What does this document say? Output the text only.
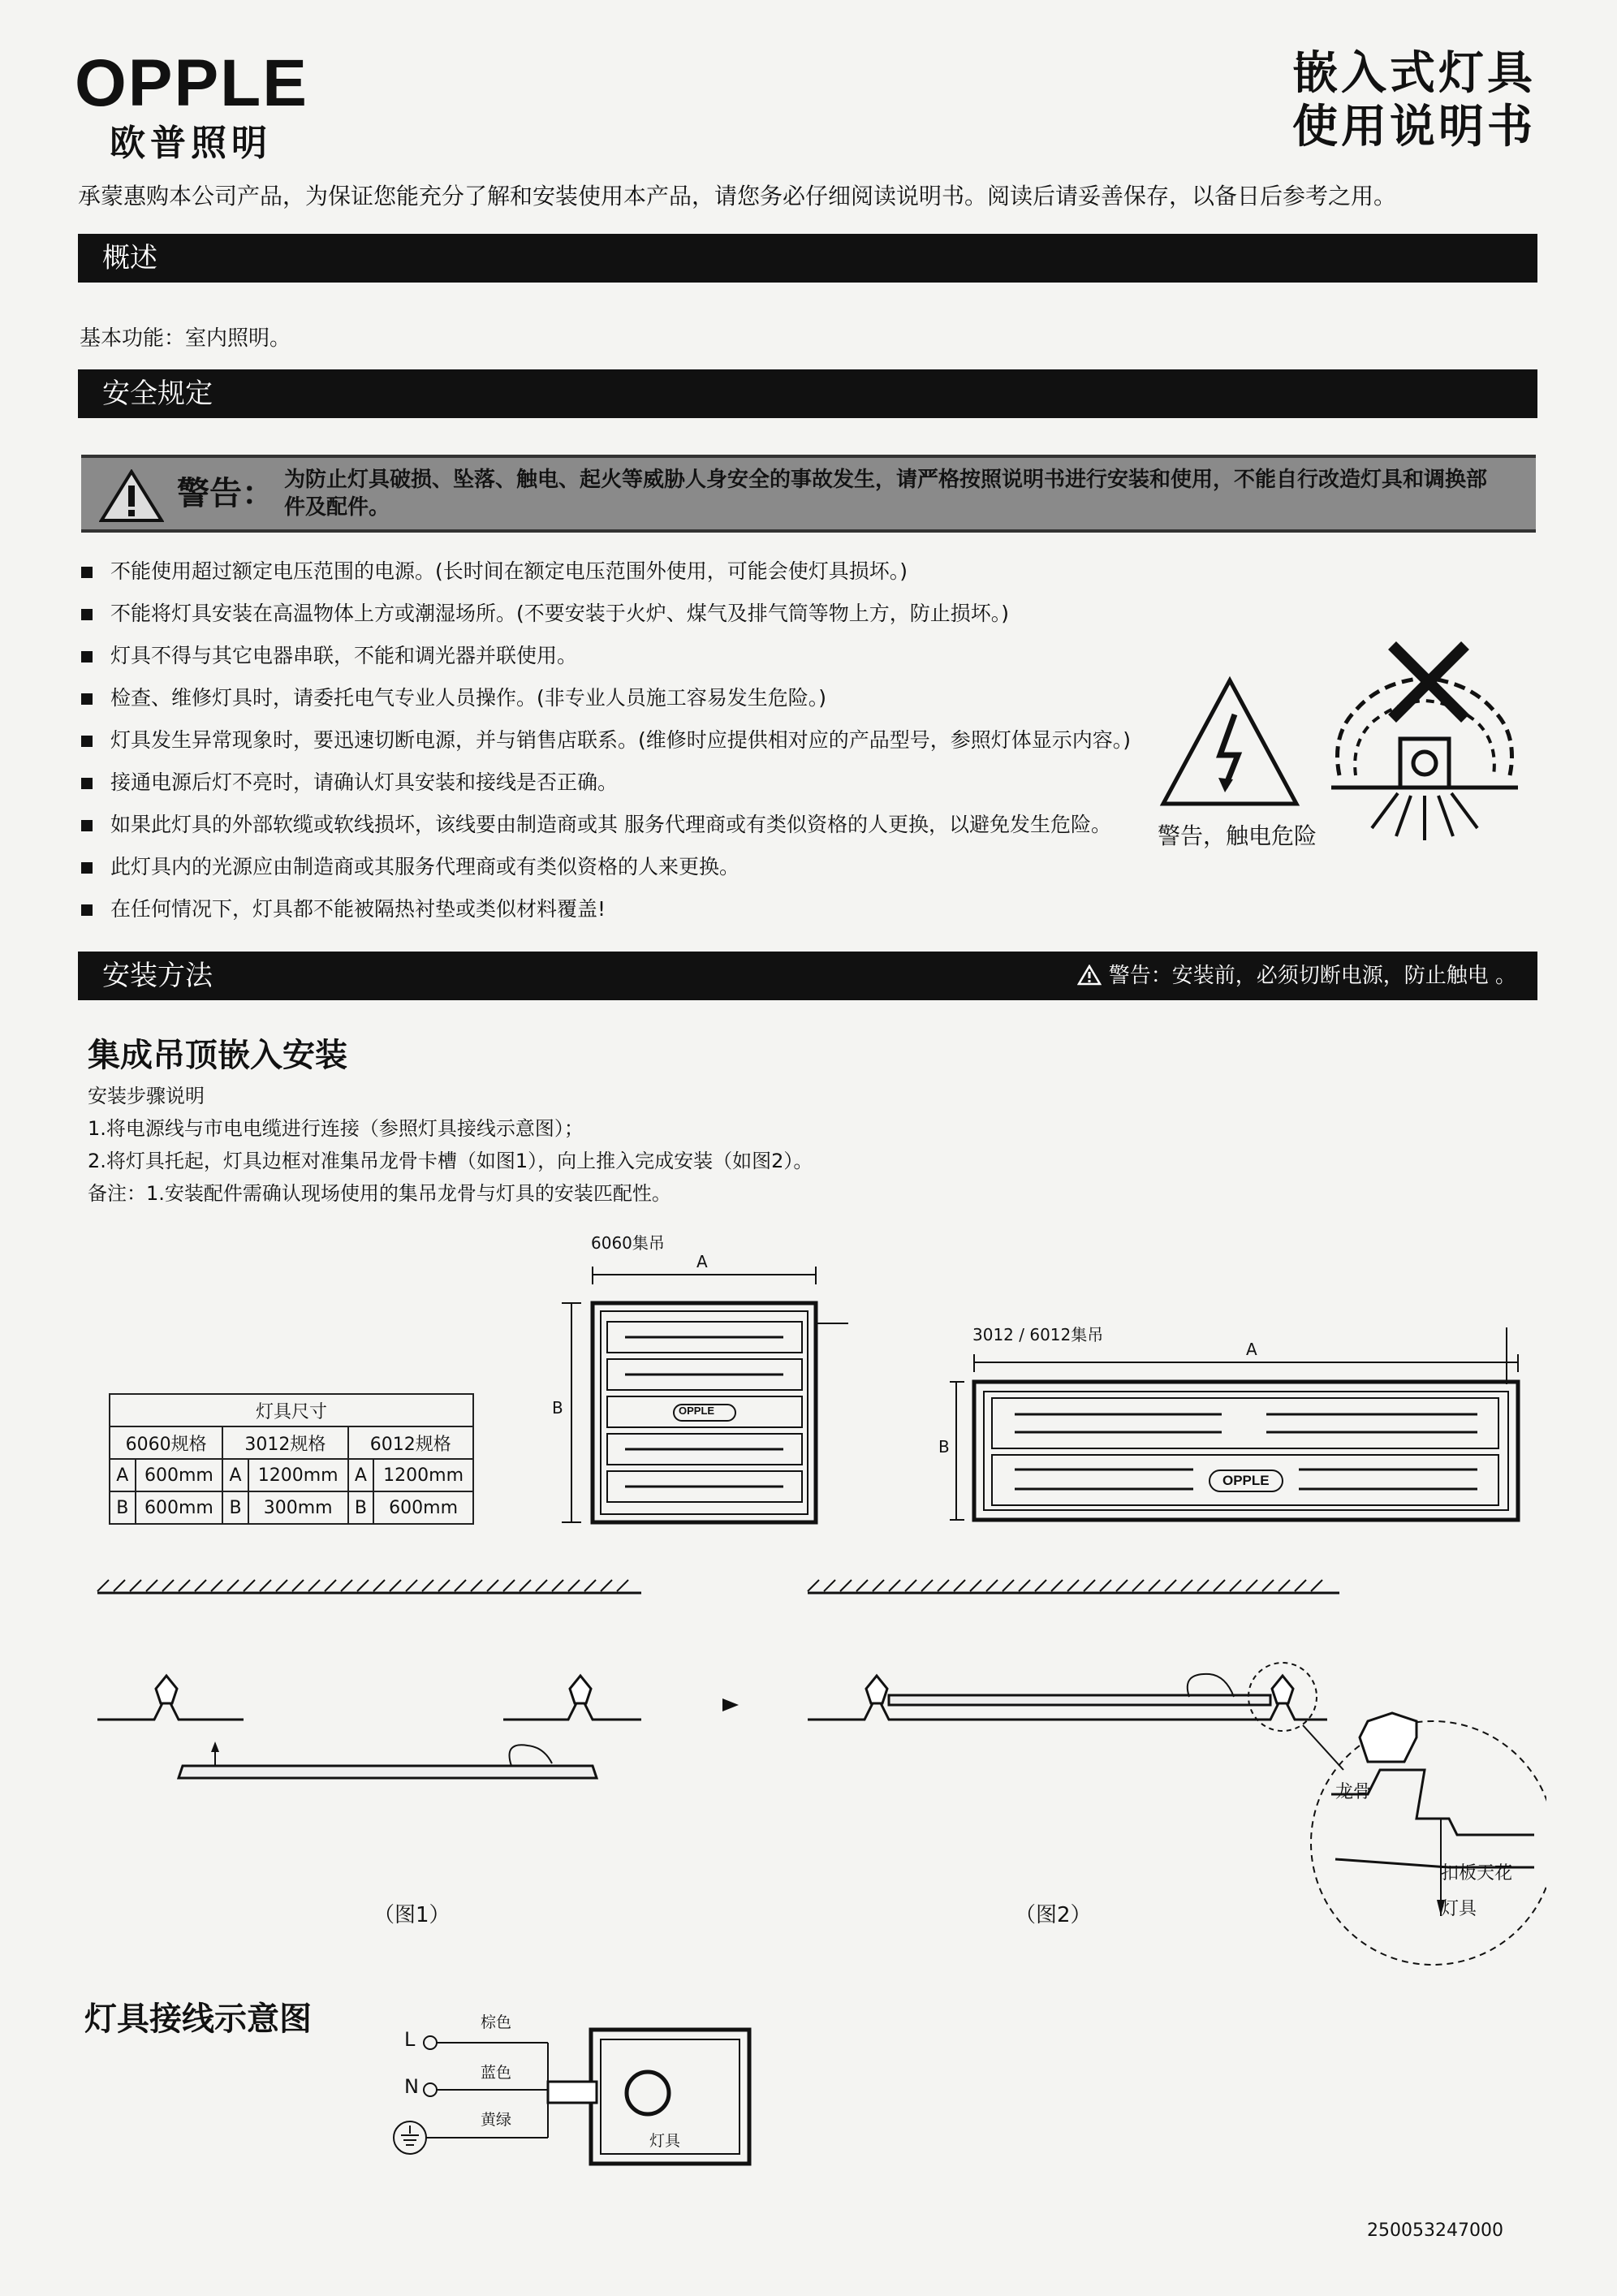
OPPLE
欧普照明
嵌入式灯具
使用说明书
承蒙惠购本公司产品，为保证您能充分了解和安装使用本产品，请您务必仔细阅读说明书。阅读后请妥善保存，以备日后参考之用。
概述
基本功能：室内照明。
安全规定
警告： 为防止灯具破损、坠落、触电、起火等威胁人身安全的事故发生，请严格按照说明书进行安装和使用，不能自行改造灯具和调换部件及配件。
不能使用超过额定电压范围的电源。(长时间在额定电压范围外使用，可能会使灯具损坏。)
不能将灯具安装在高温物体上方或潮湿场所。(不要安装于火炉、煤气及排气筒等物上方，防止损坏。)
灯具不得与其它电器串联，不能和调光器并联使用。
检查、维修灯具时，请委托电气专业人员操作。(非专业人员施工容易发生危险。)
灯具发生异常现象时，要迅速切断电源，并与销售店联系。(维修时应提供相对应的产品型号，参照灯体显示内容。)
接通电源后灯不亮时，请确认灯具安装和接线是否正确。
如果此灯具的外部软缆或软线损坏，该线要由制造商或其 服务代理商或有类似资格的人更换，以避免发生危险。
此灯具内的光源应由制造商或其服务代理商或有类似资格的人来更换。
在任何情况下，灯具都不能被隔热衬垫或类似材料覆盖!
警告，触电危险
安装方法	警告：安装前，必须切断电源，防止触电 。
集成吊顶嵌入安装
安装步骤说明
1.将电源线与市电电缆进行连接（参照灯具接线示意图）；
2.将灯具托起，灯具边框对准集吊龙骨卡槽（如图1），向上推入完成安装（如图2）。
备注：1.安装配件需确认现场使用的集吊龙骨与灯具的安装匹配性。
6060集吊
A
B	OPPLE
3012 / 6012集吊
A
B
OPPLE
灯具尺寸					
6060规格		3012规格		6012规格	
A	600mm	A	1200mm	A	1200mm
B	600mm	B	300mm	B	600mm
龙骨
扣板天花
灯具
（图1）	（图2）
灯具接线示意图
L
N
棕色
蓝色
黄绿
灯具
250053247000
